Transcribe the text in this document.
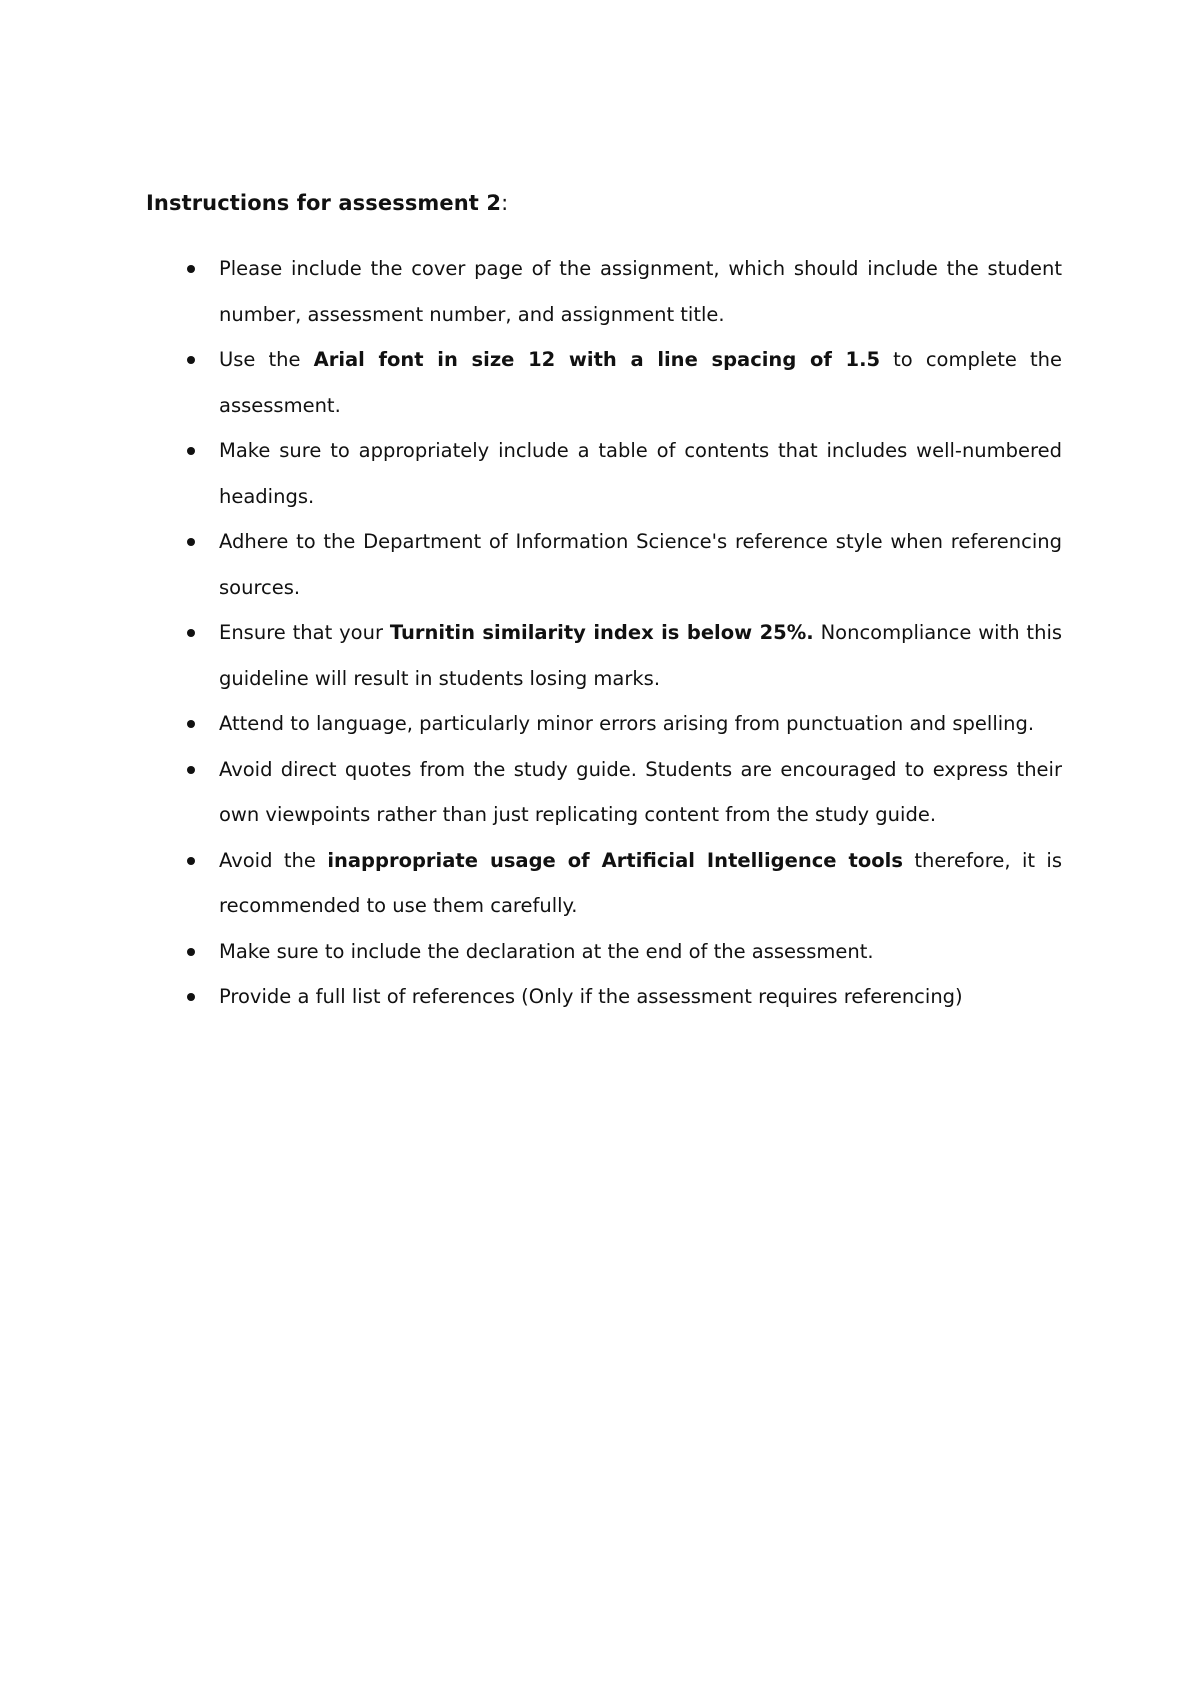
Instructions for assessment 2:
Please include the cover page of the assignment, which should include the student number, assessment number, and assignment title.
Use the Arial font in size 12 with a line spacing of 1.5 to complete the assessment.
Make sure to appropriately include a table of contents that includes well-numbered headings.
Adhere to the Department of Information Science's reference style when referencing sources.
Ensure that your Turnitin similarity index is below 25%. Noncompliance with this guideline will result in students losing marks.
Attend to language, particularly minor errors arising from punctuation and spelling.
Avoid direct quotes from the study guide. Students are encouraged to express their own viewpoints rather than just replicating content from the study guide.
Avoid the inappropriate usage of Artificial Intelligence tools therefore, it is recommended to use them carefully.
Make sure to include the declaration at the end of the assessment.
Provide a full list of references (Only if the assessment requires referencing)
